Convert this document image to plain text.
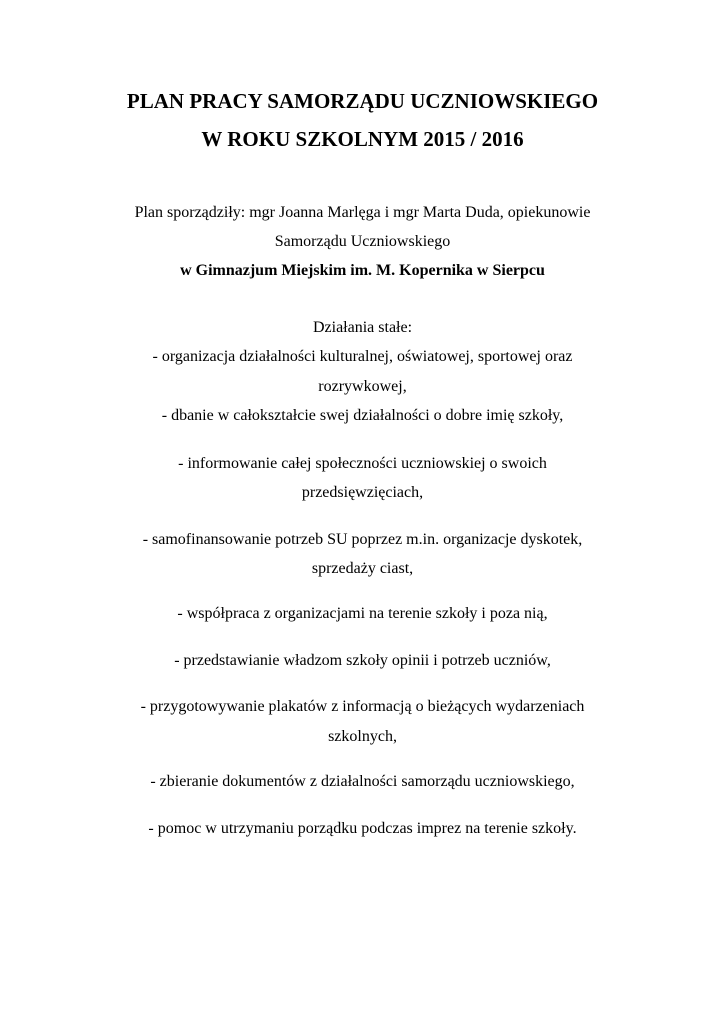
PLAN PRACY SAMORZĄDU UCZNIOWSKIEGO
W ROKU SZKOLNYM 2015 / 2016
Plan sporządziły: mgr Joanna Marlęga i mgr Marta Duda, opiekunowie
Samorządu Uczniowskiego
w Gimnazjum Miejskim im. M. Kopernika w Sierpcu
Działania stałe:
- organizacja działalności kulturalnej, oświatowej, sportowej oraz
rozrywkowej,
- dbanie w całokształcie swej działalności o dobre imię szkoły,
- informowanie całej społeczności uczniowskiej o swoich
przedsięwzięciach,
- samofinansowanie potrzeb SU poprzez m.in. organizacje dyskotek,
sprzedaży ciast,
- współpraca z organizacjami na terenie szkoły i poza nią,
- przedstawianie władzom szkoły opinii i potrzeb uczniów,
- przygotowywanie plakatów z informacją o bieżących wydarzeniach
szkolnych,
- zbieranie dokumentów z działalności samorządu uczniowskiego,
- pomoc w utrzymaniu porządku podczas imprez na terenie szkoły.
